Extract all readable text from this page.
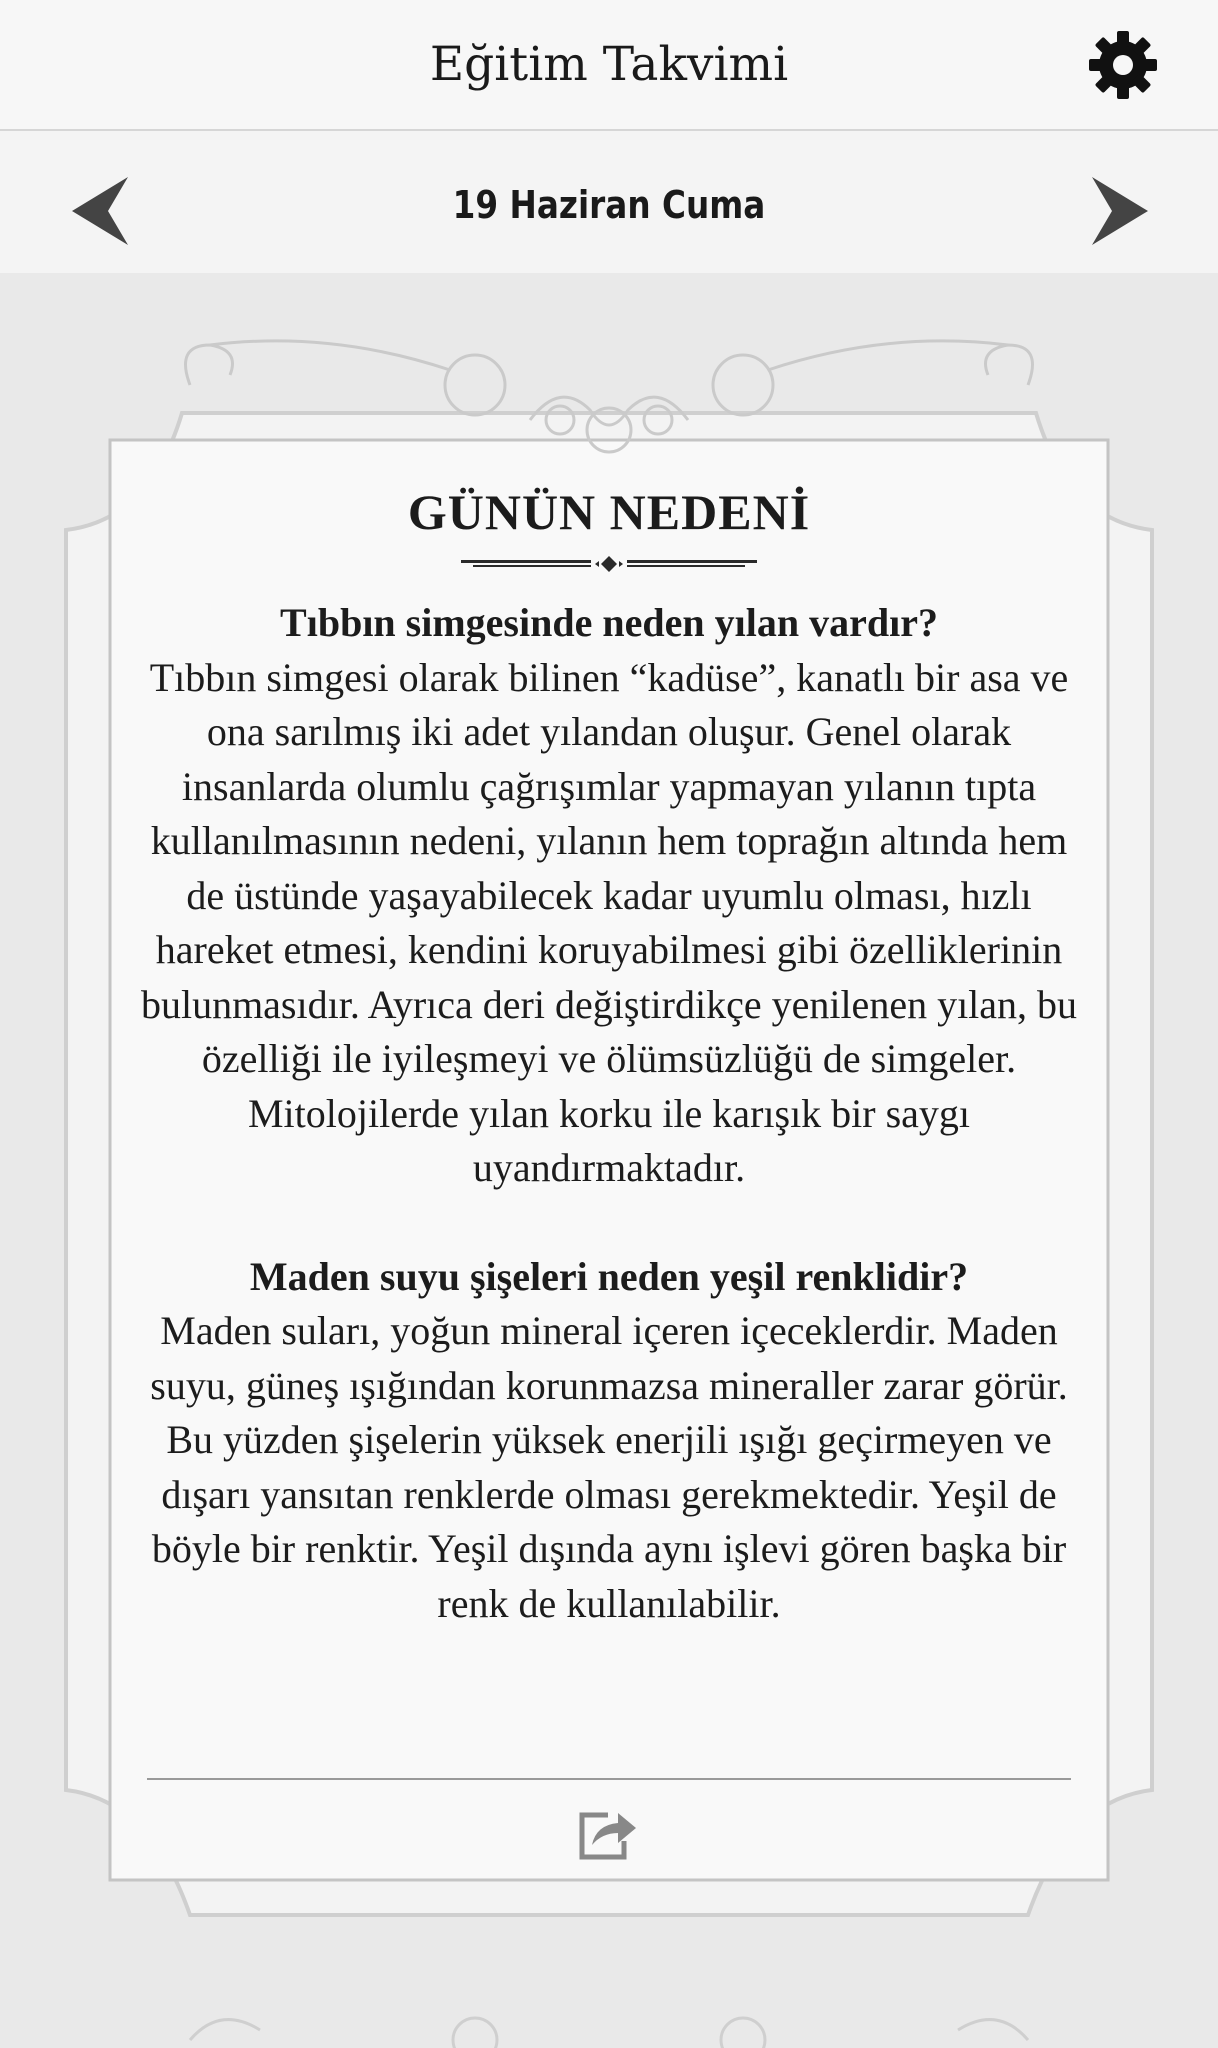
Eğitim Takvimi
19 Haziran Cuma
GÜNÜN NEDENİ
Tıbbın simgesinde neden yılan vardır?
Tıbbın simgesi olarak bilinen “kadüse”, kanatlı bir asa ve ona sarılmış iki adet yılandan oluşur. Genel olarak insanlarda olumlu çağrışımlar yapmayan yılanın tıpta kullanılmasının nedeni, yılanın hem toprağın altında hem de üstünde yaşayabilecek kadar uyumlu olması, hızlı hareket etmesi, kendini koruyabilmesi gibi özelliklerinin bulunmasıdır. Ayrıca deri değiştirdikçe yenilenen yılan, bu özelliği ile iyileşmeyi ve ölümsüzlüğü de simgeler. Mitolojilerde yılan korku ile karışık bir saygı uyandırmaktadır.
Maden suyu şişeleri neden yeşil renklidir?
Maden suları, yoğun mineral içeren içeceklerdir. Maden suyu, güneş ışığından korunmazsa mineraller zarar görür. Bu yüzden şişelerin yüksek enerjili ışığı geçirmeyen ve dışarı yansıtan renklerde olması gerekmektedir. Yeşil de böyle bir renktir. Yeşil dışında aynı işlevi gören başka bir renk de kullanılabilir.
